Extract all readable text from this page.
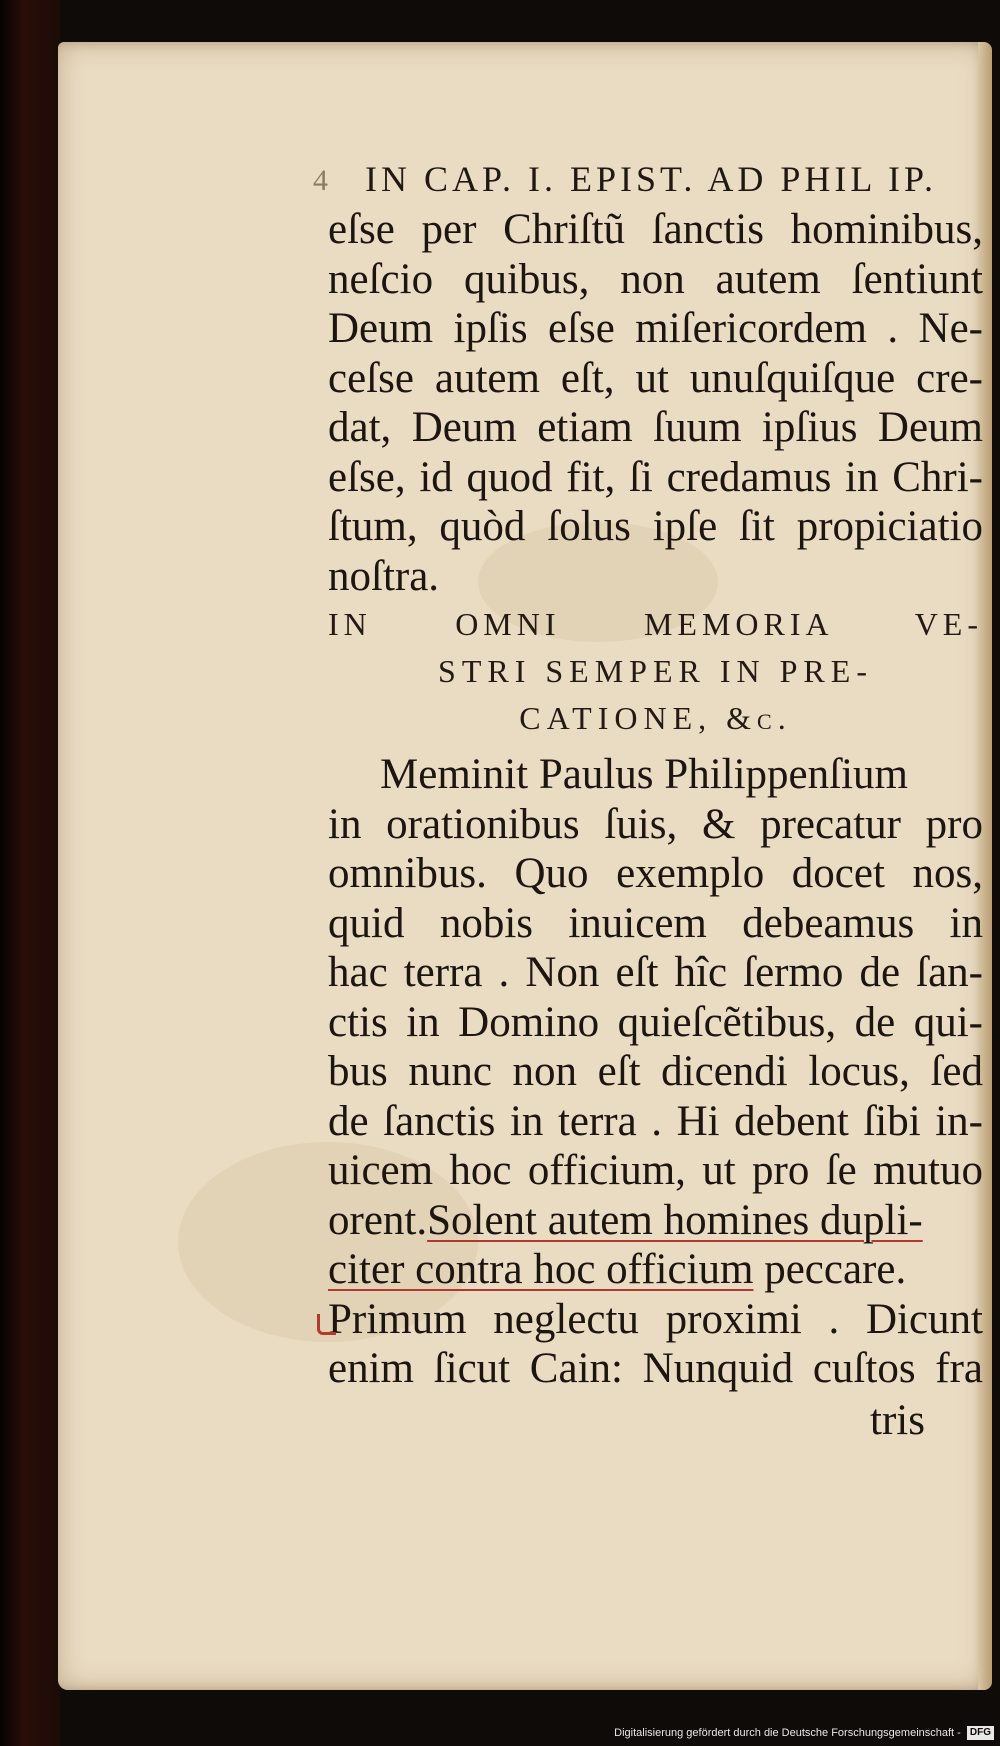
4 IN CAP. I. EPIST. AD PHIL IP.
eſse per Chriſtũ ſanctis hominibus,
neſcio quibus, non autem ſentiunt
Deum ipſis eſse miſericordem . Ne-
ceſse autem eſt, ut unuſquiſque cre-
dat, Deum etiam ſuum ipſius Deum
eſse, id quod fit, ſi credamus in Chri-
ſtum, quòd ſolus ipſe ſit propiciatio
noſtra.
IN OMNI MEMORIA VE-
STRI SEMPER IN PRE-
CATIONE, &c.
Meminit Paulus Philippenſium
in orationibus ſuis, & precatur pro
omnibus. Quo exemplo docet nos,
quid nobis inuicem debeamus in
hac terra . Non eſt hîc ſermo de ſan-
ctis in Domino quieſcẽtibus, de qui-
bus nunc non eſt dicendi locus, ſed
de ſanctis in terra . Hi debent ſibi in-
uicem hoc officium, ut pro ſe mutuo
orent.Solent autem homines dupli-
citer contra hoc officium peccare.
Primum neglectu proximi . Dicunt
enim ſicut Cain: Nunquid cuſtos fra
tris
Digitalisierung gefördert durch die Deutsche Forschungsgemeinschaft - DFG
